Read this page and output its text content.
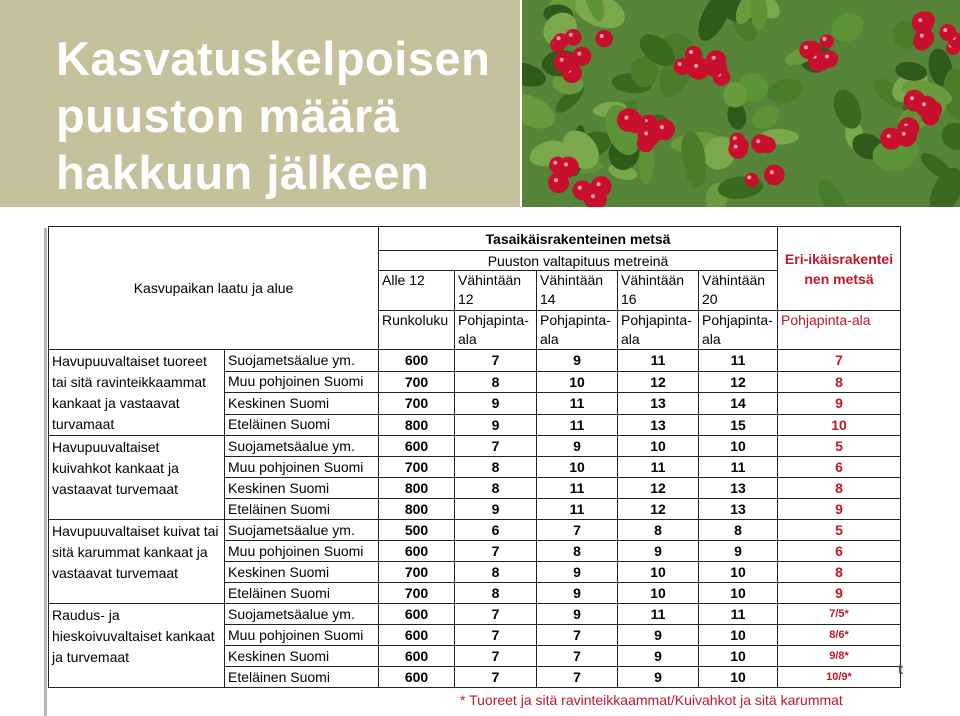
Kasvatuskelpoisen
puuston määrä
hakkuun jälkeen
Kasvupaikan laatu ja alue		Tasaikäisrakenteinen metsä					Eri-ikäisrakenteinen metsä
		Puuston valtapituus metreinä					
		Alle 12	Vähintään 12	Vähintään 14	Vähintään 16	Vähintään 20	
		Runkoluku	Pohjapinta-ala	Pohjapinta-ala	Pohjapinta-ala	Pohjapinta-ala	Pohjapinta-ala
Havupuuvaltaiset tuoreet tai sitä ravinteikkaammat kankaat ja vastaavat turvamaat	Suojametsäalue ym.	600	7	9	11	11	7
	Muu pohjoinen Suomi	700	8	10	12	12	8
	Keskinen Suomi	700	9	11	13	14	9
	Eteläinen Suomi	800	9	11	13	15	10
Havupuuvaltaiset kuivahkot kankaat ja vastaavat turvemaat	Suojametsäalue ym.	600	7	9	10	10	5
	Muu pohjoinen Suomi	700	8	10	11	11	6
	Keskinen Suomi	800	8	11	12	13	8
	Eteläinen Suomi	800	9	11	12	13	9
Havupuuvaltaiset kuivat tai sitä karummat kankaat ja vastaavat turvemaat	Suojametsäalue ym.	500	6	7	8	8	5
	Muu pohjoinen Suomi	600	7	8	9	9	6
	Keskinen Suomi	700	8	9	10	10	8
	Eteläinen Suomi	700	8	9	10	10	9
Raudus- ja hieskoivuvaltaiset kankaat ja turvemaat	Suojametsäalue ym.	600	7	9	11	11	7/5*
	Muu pohjoinen Suomi	600	7	7	9	10	8/6*
	Keskinen Suomi	600	7	7	9	10	9/8*
	Eteläinen Suomi	600	7	7	9	10	10/9*

* Tuoreet ja sitä ravinteikkaammat/Kuivahkot ja sitä karummat

t
